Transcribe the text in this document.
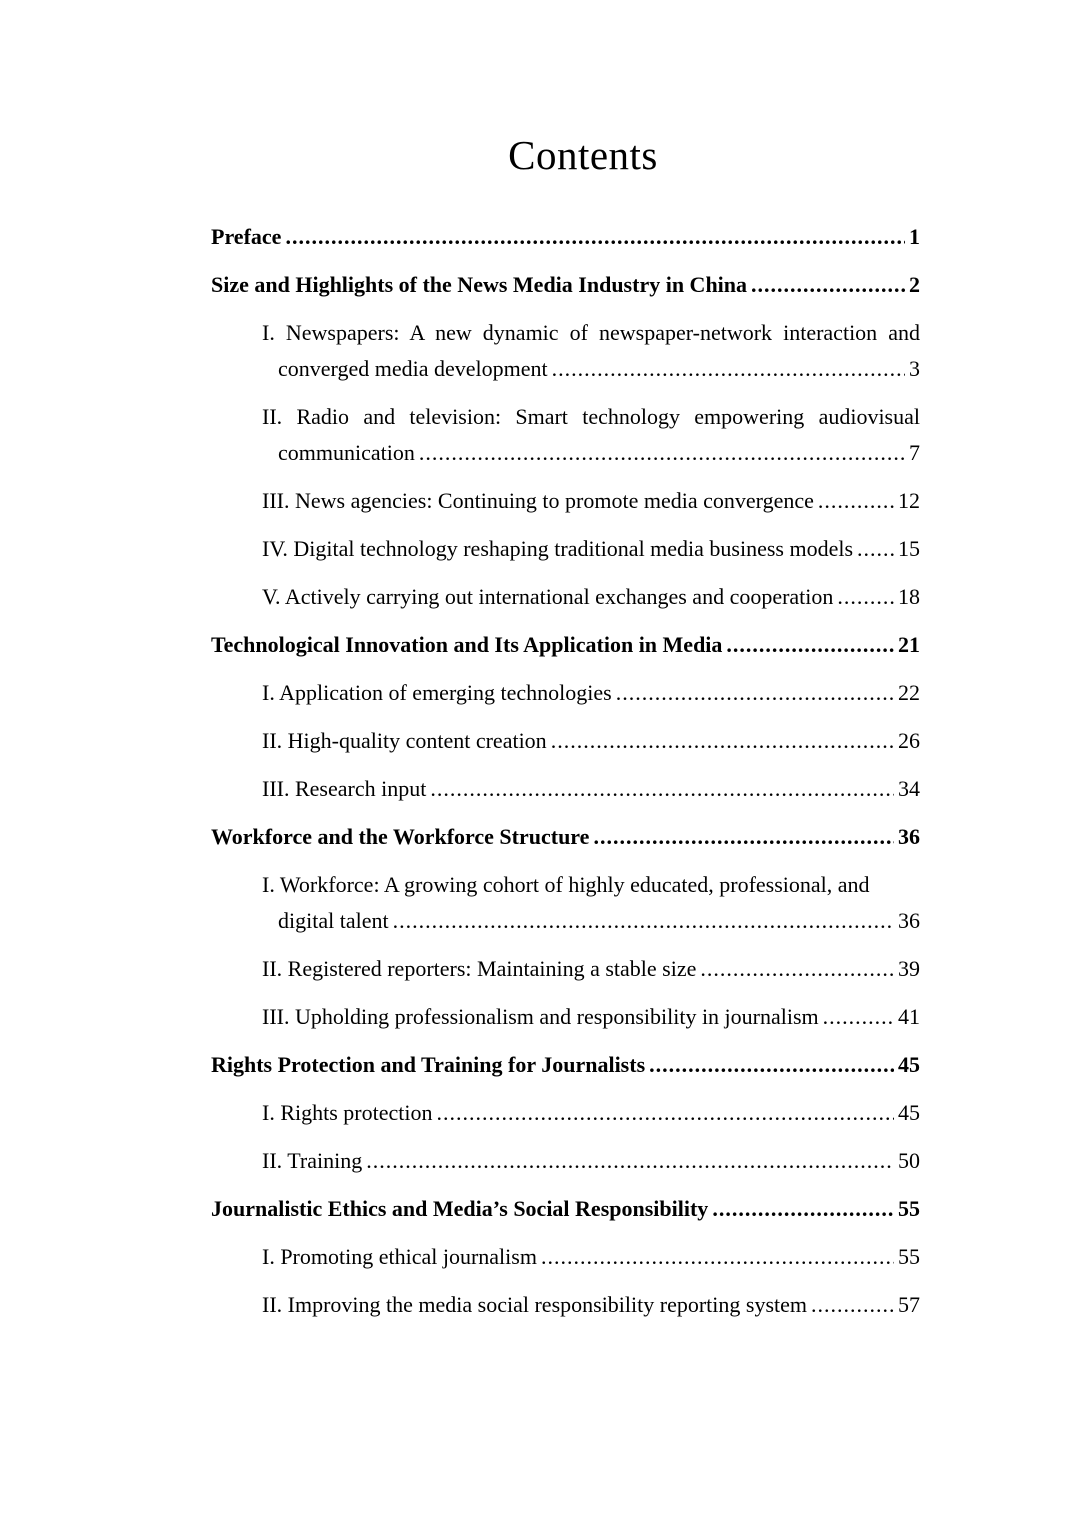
Contents
Preface .....	1
Size and Highlights of the News Media Industry in China .....	2
I. Newspapers: A new dynamic of newspaper-network interaction and
converged media development .....	3
II. Radio and television: Smart technology empowering audiovisual
communication .....	7
III. News agencies: Continuing to promote media convergence .....	12
IV. Digital technology reshaping traditional media business models ..... 15
V. Actively carrying out international exchanges and cooperation .....	18
Technological Innovation and Its Application in Media .....	21
I. Application of emerging technologies .....	22
II. High-quality content creation .....	26
III. Research input .....	34
Workforce and the Workforce Structure .....	36
I. Workforce: A growing cohort of highly educated, professional, and
digital talent .....	36
II. Registered reporters: Maintaining a stable size .....	39
III. Upholding professionalism and responsibility in journalism .....	41
Rights Protection and Training for Journalists .....	45
I. Rights protection .....	45
II. Training .....	50
Journalistic Ethics and Media’s Social Responsibility .....	55
I. Promoting ethical journalism .....	55
II. Improving the media social responsibility reporting system .....	57
